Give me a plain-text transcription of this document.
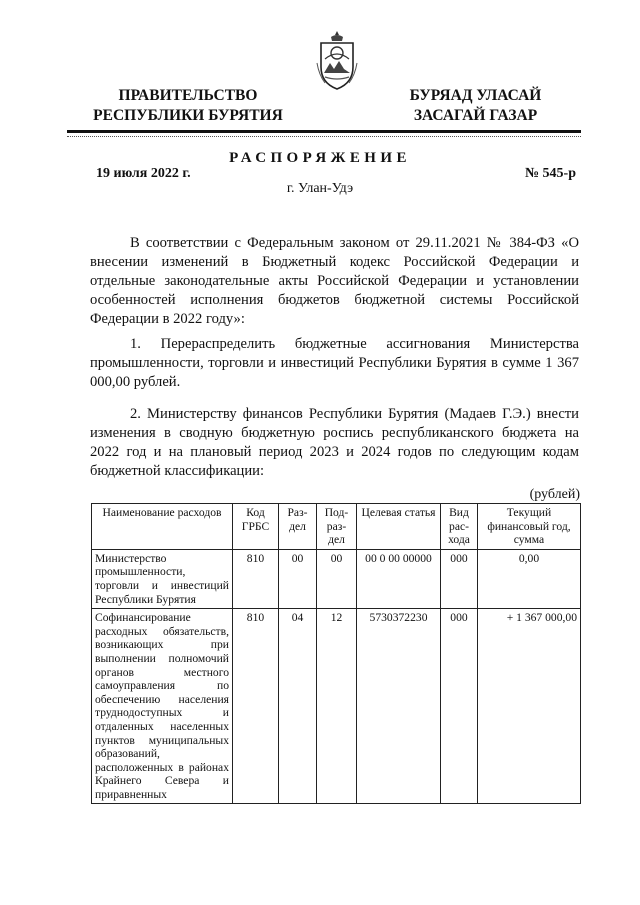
ПРАВИТЕЛЬСТВО
РЕСПУБЛИКИ БУРЯТИЯ
БУРЯАД УЛАСАЙ
ЗАСАГАЙ ГАЗАР
РАСПОРЯЖЕНИЕ
19 июля 2022 г.	№ 545-р
г. Улан-Удэ
В соответствии с Федеральным законом от 29.11.2021 № 384-ФЗ «О внесении изменений в Бюджетный кодекс Российской Федерации и отдельные законодательные акты Российской Федерации и установлении особенностей исполнения бюджетов бюджетной системы Российской Федерации в 2022 году»:
1. Перераспределить бюджетные ассигнования Министерства промышленности, торговли и инвестиций Республики Бурятия в сумме 1 367 000,00 рублей.
2. Министерству финансов Республики Бурятия (Мадаев Г.Э.) внести изменения в сводную бюджетную роспись республиканского бюджета на 2022 год и на плановый период 2023 и 2024 годов по следующим кодам бюджетной классификации:
(рублей)
Наименование расходов	Код ГРБС	Раз-дел	Под-раз-дел	Целевая статья	Вид рас-хода	Текущий финансовый год, сумма
Министерство промышленности, торговли и инвестиций Республики Бурятия	810	00	00	00 0 00 00000	000	0,00
Софинансирование расходных обязательств, возникающих при выполнении полномочий органов местного самоуправления по обеспечению населения труднодоступных и отдаленных населенных пунктов муниципальных образований, расположенных в районах Крайнего Севера и приравненных	810	04	12	5730372230	000	+ 1 367 000,00
